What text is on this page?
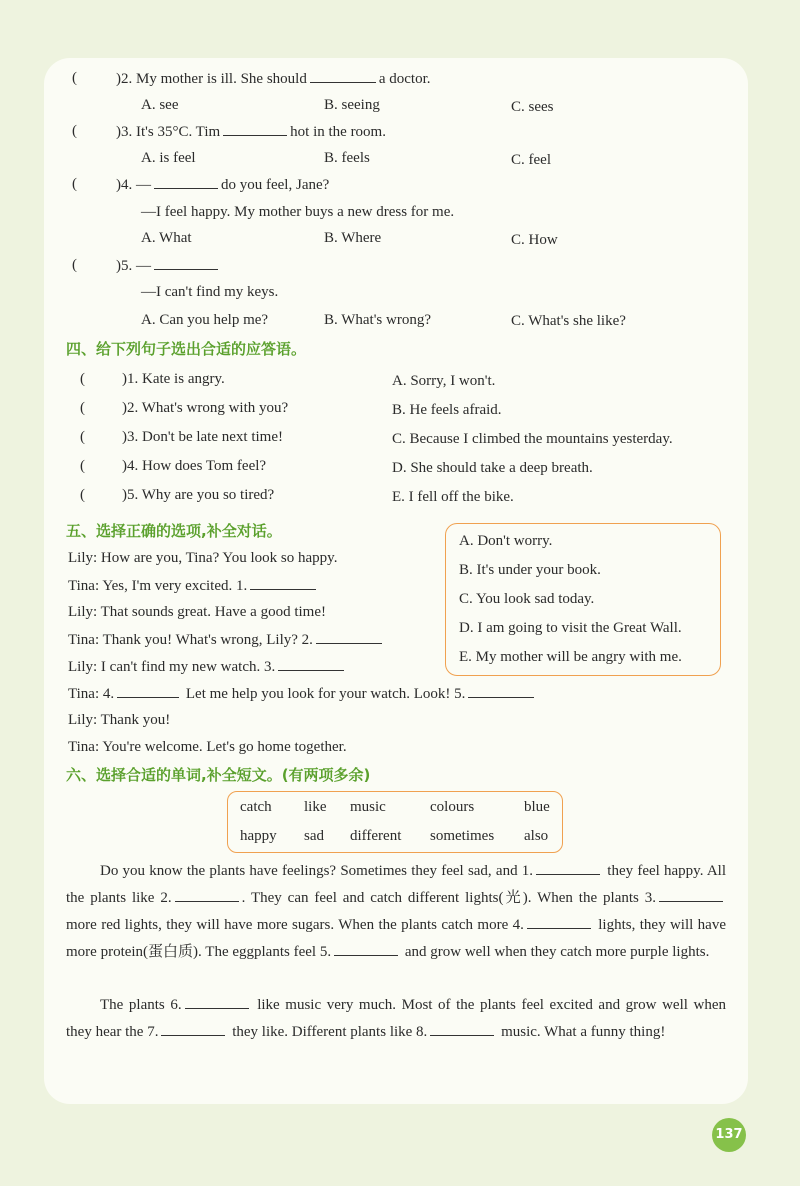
(	)2. My mother is ill. She should	a doctor.
A. see	B. seeing	C. sees
(	)3. It's 35°C. Tim	hot in the room.
A. is feel	B. feels	C. feel
(	)4. —	do you feel, Jane?
—I feel happy. My mother buys a new dress for me.
A. What	B. Where	C. How
(	)5. —
—I can't find my keys.
A. Can you help me?	B. What's wrong?	C. What's she like?
四、给下列句子选出合适的应答语。
( )1. Kate is angry.
( )2. What's wrong with you?
( )3. Don't be late next time!
( )4. How does Tom feel?
( )5. Why are you so tired?
A. Sorry, I won't.
B. He feels afraid.
C. Because I climbed the mountains yesterday.
D. She should take a deep breath.
E. I fell off the bike.
五、选择正确的选项,补全对话。
Lily: How are you, Tina? You look so happy.
Tina: Yes, I'm very excited. 1.
Lily: That sounds great. Have a good time!
Tina: Thank you! What's wrong, Lily? 2.
Lily: I can't find my new watch. 3.
Tina: 4.	Let me help you look for your watch. Look! 5.
Lily: Thank you!
Tina: You're welcome. Let's go home together.
A. Don't worry.
B. It's under your book.
C. You look sad today.
D. I am going to visit the Great Wall.
E. My mother will be angry with me.
六、选择合适的单词,补全短文。(有两项多余)
catch like music	colours	blue
happy sad different sometimes also
Do you know the plants have feelings? Sometimes they feel sad, and 1.	they feel happy. All the plants like 2.	. They can feel and catch different lights(光). When the plants 3. more red lights, they will have more sugars. When the plants catch more 4.	lights, they will have more protein(蛋白质). The eggplants feel 5.	and grow well when they catch more purple lights.
The plants 6.	like music very much. Most of the plants feel excited and grow well when they hear the 7.	they like. Different plants like 8.	music. What a funny thing!
137
